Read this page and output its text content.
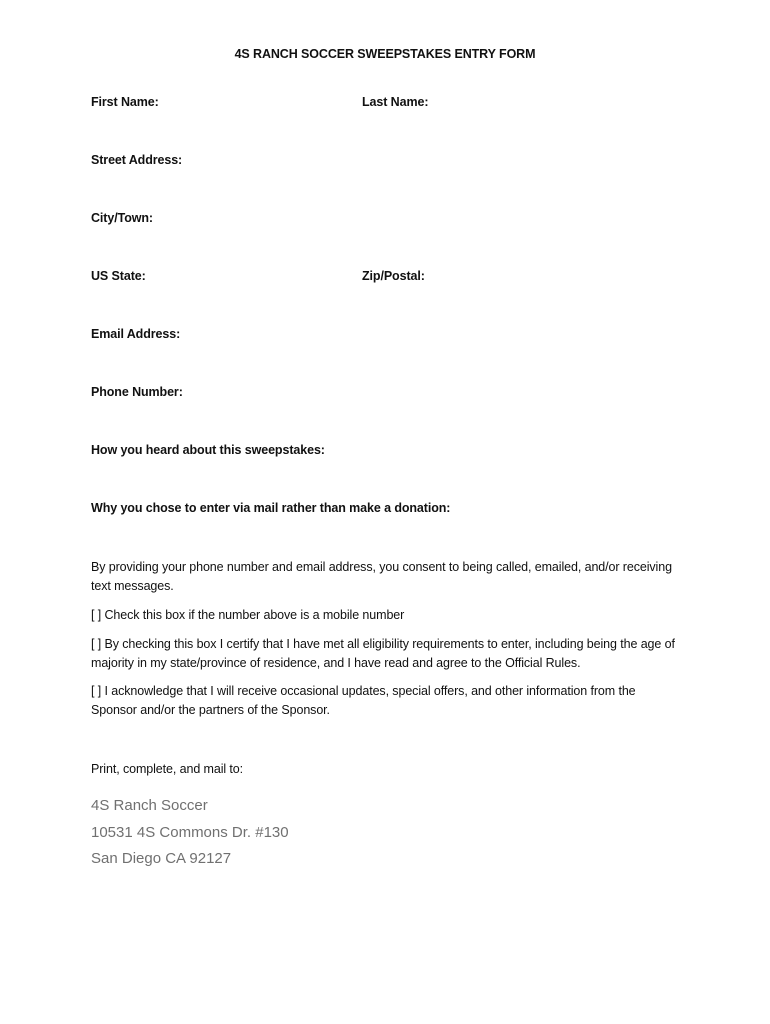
4S RANCH SOCCER SWEEPSTAKES ENTRY FORM
First Name:	Last Name:
Street Address:
City/Town:
US State:	Zip/Postal:
Email Address:
Phone Number:
How you heard about this sweepstakes:
Why you chose to enter via mail rather than make a donation:
By providing your phone number and email address, you consent to being called, emailed, and/or receiving text messages.
[ ] Check this box if the number above is a mobile number
[ ] By checking this box I certify that I have met all eligibility requirements to enter, including being the age of majority in my state/province of residence, and I have read and agree to the Official Rules.
[ ] I acknowledge that I will receive occasional updates, special offers, and other information from the Sponsor and/or the partners of the Sponsor.
Print, complete, and mail to:
4S Ranch Soccer
10531 4S Commons Dr. #130
San Diego CA 92127
